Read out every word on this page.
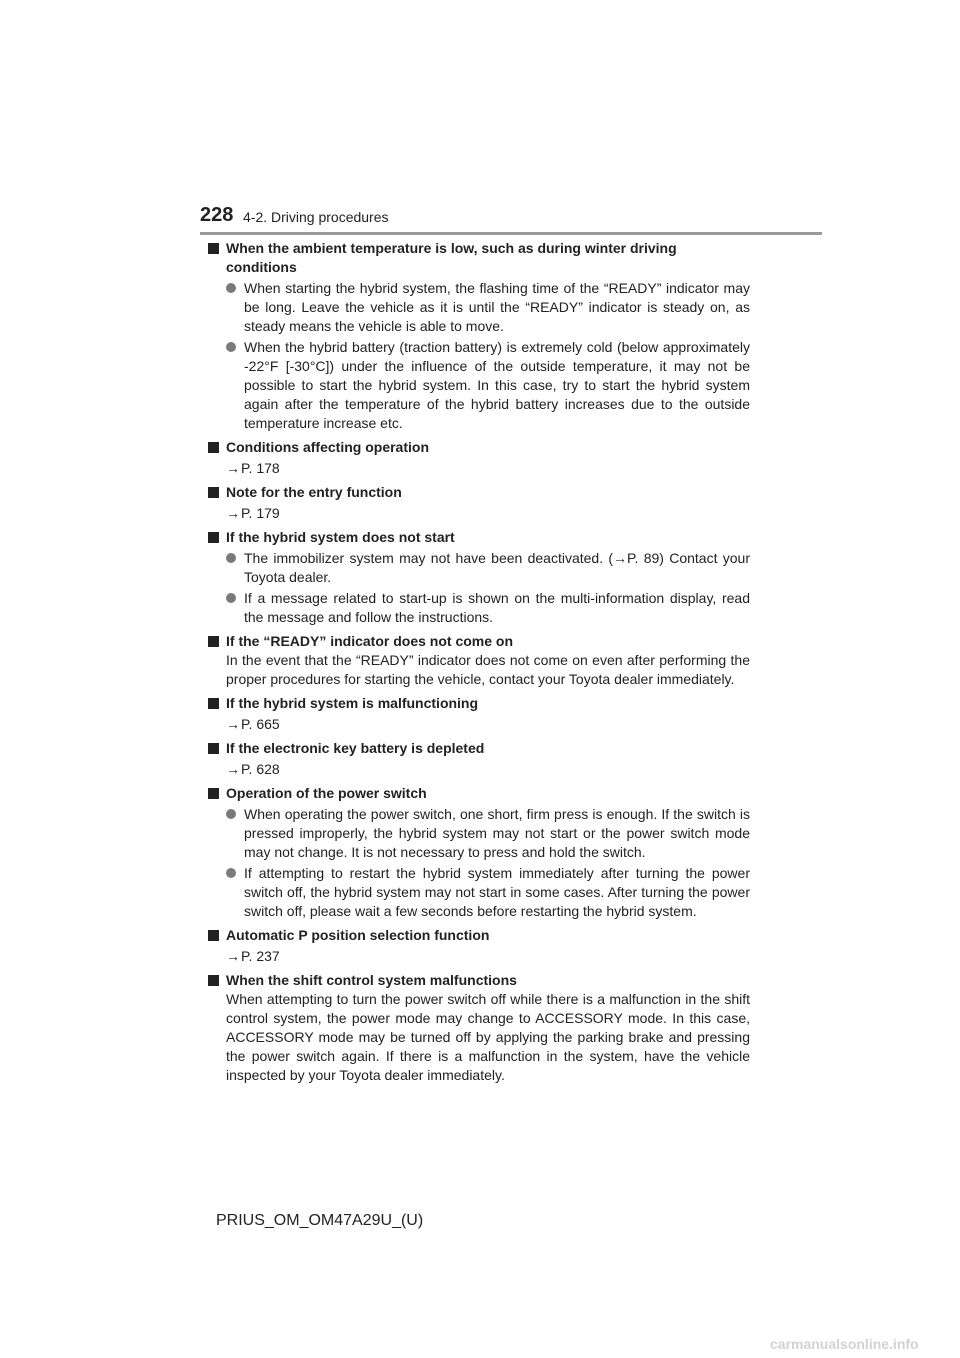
228 4-2. Driving procedures
When the ambient temperature is low, such as during winter driving conditions
When starting the hybrid system, the flashing time of the “READY” indicator may be long. Leave the vehicle as it is until the “READY” indicator is steady on, as steady means the vehicle is able to move.
When the hybrid battery (traction battery) is extremely cold (below approximately -22°F [-30°C]) under the influence of the outside temperature, it may not be possible to start the hybrid system. In this case, try to start the hybrid system again after the temperature of the hybrid battery increases due to the outside temperature increase etc.
Conditions affecting operation
→P. 178
Note for the entry function
→P. 179
If the hybrid system does not start
The immobilizer system may not have been deactivated. (→P. 89) Contact your Toyota dealer.
If a message related to start-up is shown on the multi-information display, read the message and follow the instructions.
If the “READY” indicator does not come on
In the event that the “READY” indicator does not come on even after performing the proper procedures for starting the vehicle, contact your Toyota dealer immediately.
If the hybrid system is malfunctioning
→P. 665
If the electronic key battery is depleted
→P. 628
Operation of the power switch
When operating the power switch, one short, firm press is enough. If the switch is pressed improperly, the hybrid system may not start or the power switch mode may not change. It is not necessary to press and hold the switch.
If attempting to restart the hybrid system immediately after turning the power switch off, the hybrid system may not start in some cases. After turning the power switch off, please wait a few seconds before restarting the hybrid system.
Automatic P position selection function
→P. 237
When the shift control system malfunctions
When attempting to turn the power switch off while there is a malfunction in the shift control system, the power mode may change to ACCESSORY mode. In this case, ACCESSORY mode may be turned off by applying the parking brake and pressing the power switch again. If there is a malfunction in the system, have the vehicle inspected by your Toyota dealer immediately.
PRIUS_OM_OM47A29U_(U)
carmanualsonline.info
